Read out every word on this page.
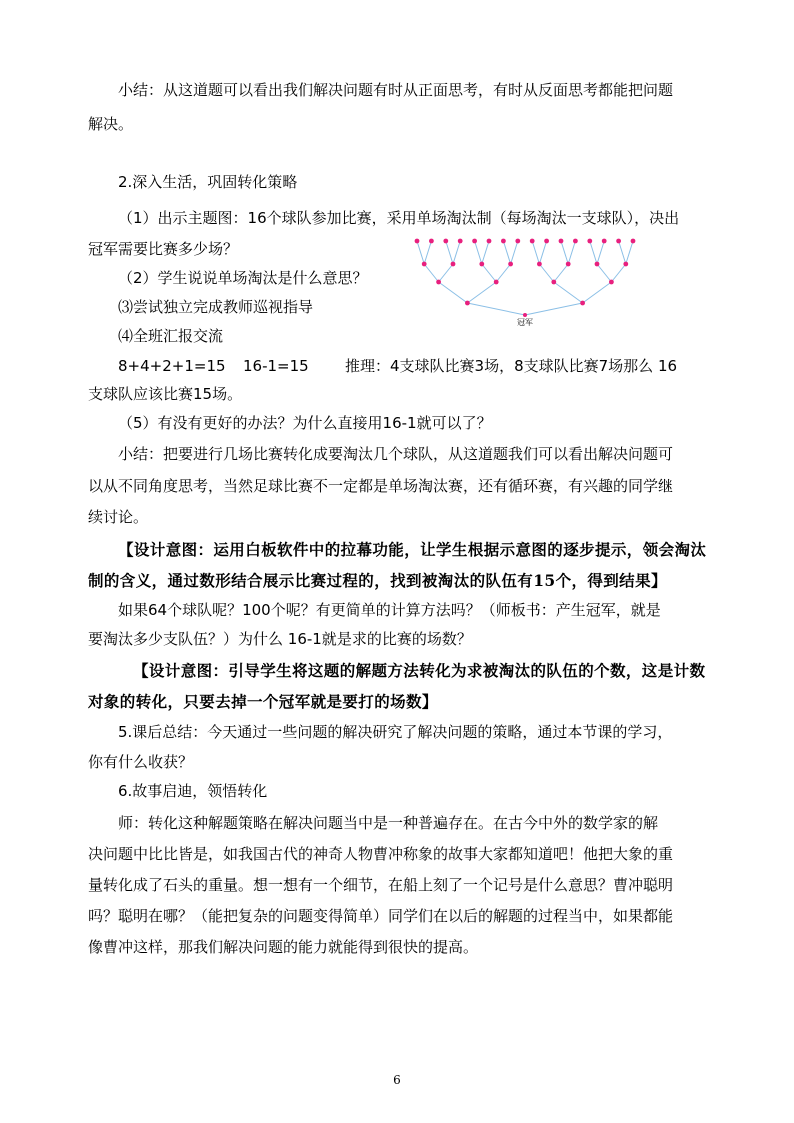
小结：从这道题可以看出我们解决问题有时从正面思考，有时从反面思考都能把问题
解决。
2.深入生活，巩固转化策略
（1）出示主题图：16个球队参加比赛，采用单场淘汰制（每场淘汰一支球队），决出
冠军需要比赛多少场？
（2）学生说说单场淘汰是什么意思？
⑶尝试独立完成教师巡视指导
⑷全班汇报交流
8+4+2+1=15 16-1=15 推理：4支球队比赛3场，8支球队比赛7场那么 16
支球队应该比赛15场。
（5）有没有更好的办法？为什么直接用16-1就可以了？
小结：把要进行几场比赛转化成要淘汰几个球队，从这道题我们可以看出解决问题可
以从不同角度思考，当然足球比赛不一定都是单场淘汰赛，还有循环赛，有兴趣的同学继
续讨论。
【设计意图：运用白板软件中的拉幕功能，让学生根据示意图的逐步提示，领会淘汰
制的含义，通过数形结合展示比赛过程的，找到被淘汰的队伍有15个，得到结果】
如果64个球队呢？100个呢？有更简单的计算方法吗？（师板书：产生冠军，就是
要淘汰多少支队伍？）为什么 16-1就是求的比赛的场数？
【设计意图：引导学生将这题的解题方法转化为求被淘汰的队伍的个数，这是计数
对象的转化，只要去掉一个冠军就是要打的场数】
5.课后总结：今天通过一些问题的解决研究了解决问题的策略，通过本节课的学习，
你有什么收获？
6.故事启迪，领悟转化
师：转化这种解题策略在解决问题当中是一种普遍存在。在古今中外的数学家的解
决问题中比比皆是，如我国古代的神奇人物曹冲称象的故事大家都知道吧！他把大象的重
量转化成了石头的重量。想一想有一个细节，在船上刻了一个记号是什么意思？曹冲聪明
吗？聪明在哪？（能把复杂的问题变得简单）同学们在以后的解题的过程当中，如果都能
像曹冲这样，那我们解决问题的能力就能得到很快的提高。
冠军
6
